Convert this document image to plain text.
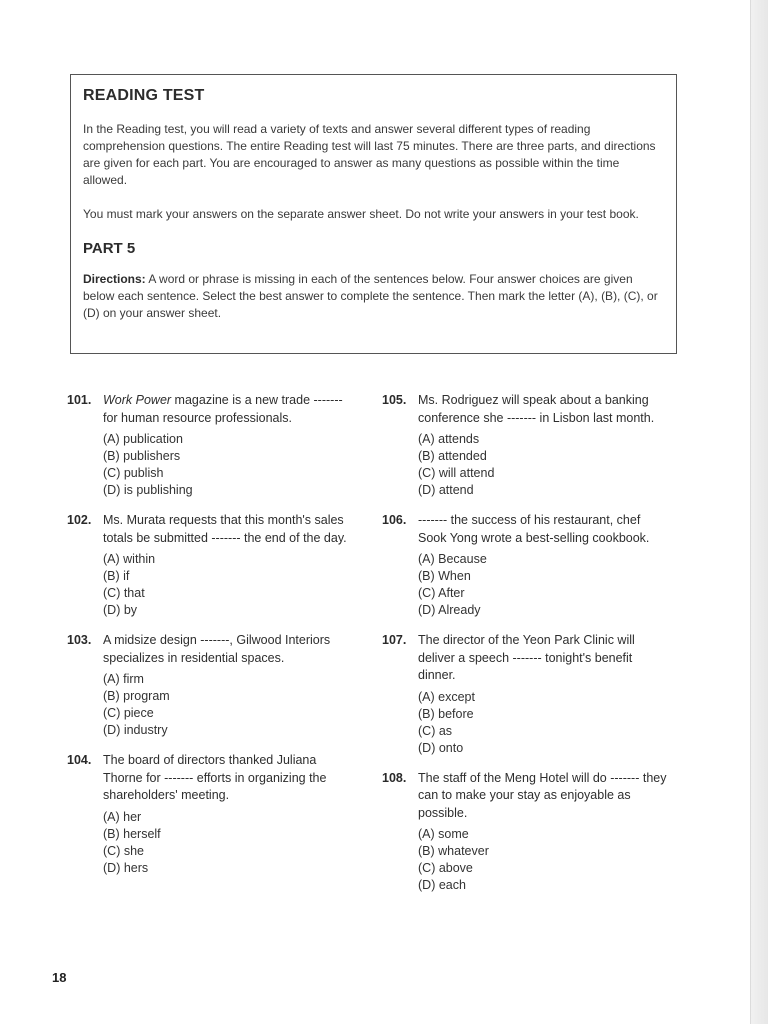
READING TEST

In the Reading test, you will read a variety of texts and answer several different types of reading comprehension questions. The entire Reading test will last 75 minutes. There are three parts, and directions are given for each part. You are encouraged to answer as many questions as possible within the time allowed.

You must mark your answers on the separate answer sheet. Do not write your answers in your test book.

PART 5

Directions: A word or phrase is missing in each of the sentences below. Four answer choices are given below each sentence. Select the best answer to complete the sentence. Then mark the letter (A), (B), (C), or (D) on your answer sheet.

101. Work Power magazine is a new trade ------- for human resource professionals.

(A) publication
(B) publishers
(C) publish
(D) is publishing
102. Ms. Murata requests that this month's sales totals be submitted ------- the end of the day.

(A) within
(B) if
(C) that
(D) by
103. A midsize design -------, Gilwood Interiors specializes in residential spaces.

(A) firm
(B) program
(C) piece
(D) industry
104. The board of directors thanked Juliana Thorne for ------- efforts in organizing the shareholders' meeting.

(A) her
(B) herself
(C) she
(D) hers
105. Ms. Rodriguez will speak about a banking conference she ------- in Lisbon last month.

(A) attends
(B) attended
(C) will attend
(D) attend
106. ------- the success of his restaurant, chef Sook Yong wrote a best-selling cookbook.

(A) Because
(B) When
(C) After
(D) Already
107. The director of the Yeon Park Clinic will deliver a speech ------- tonight's benefit dinner.

(A) except
(B) before
(C) as
(D) onto
108. The staff of the Meng Hotel will do ------- they can to make your stay as enjoyable as possible.

(A) some
(B) whatever
(C) above
(D) each
18
